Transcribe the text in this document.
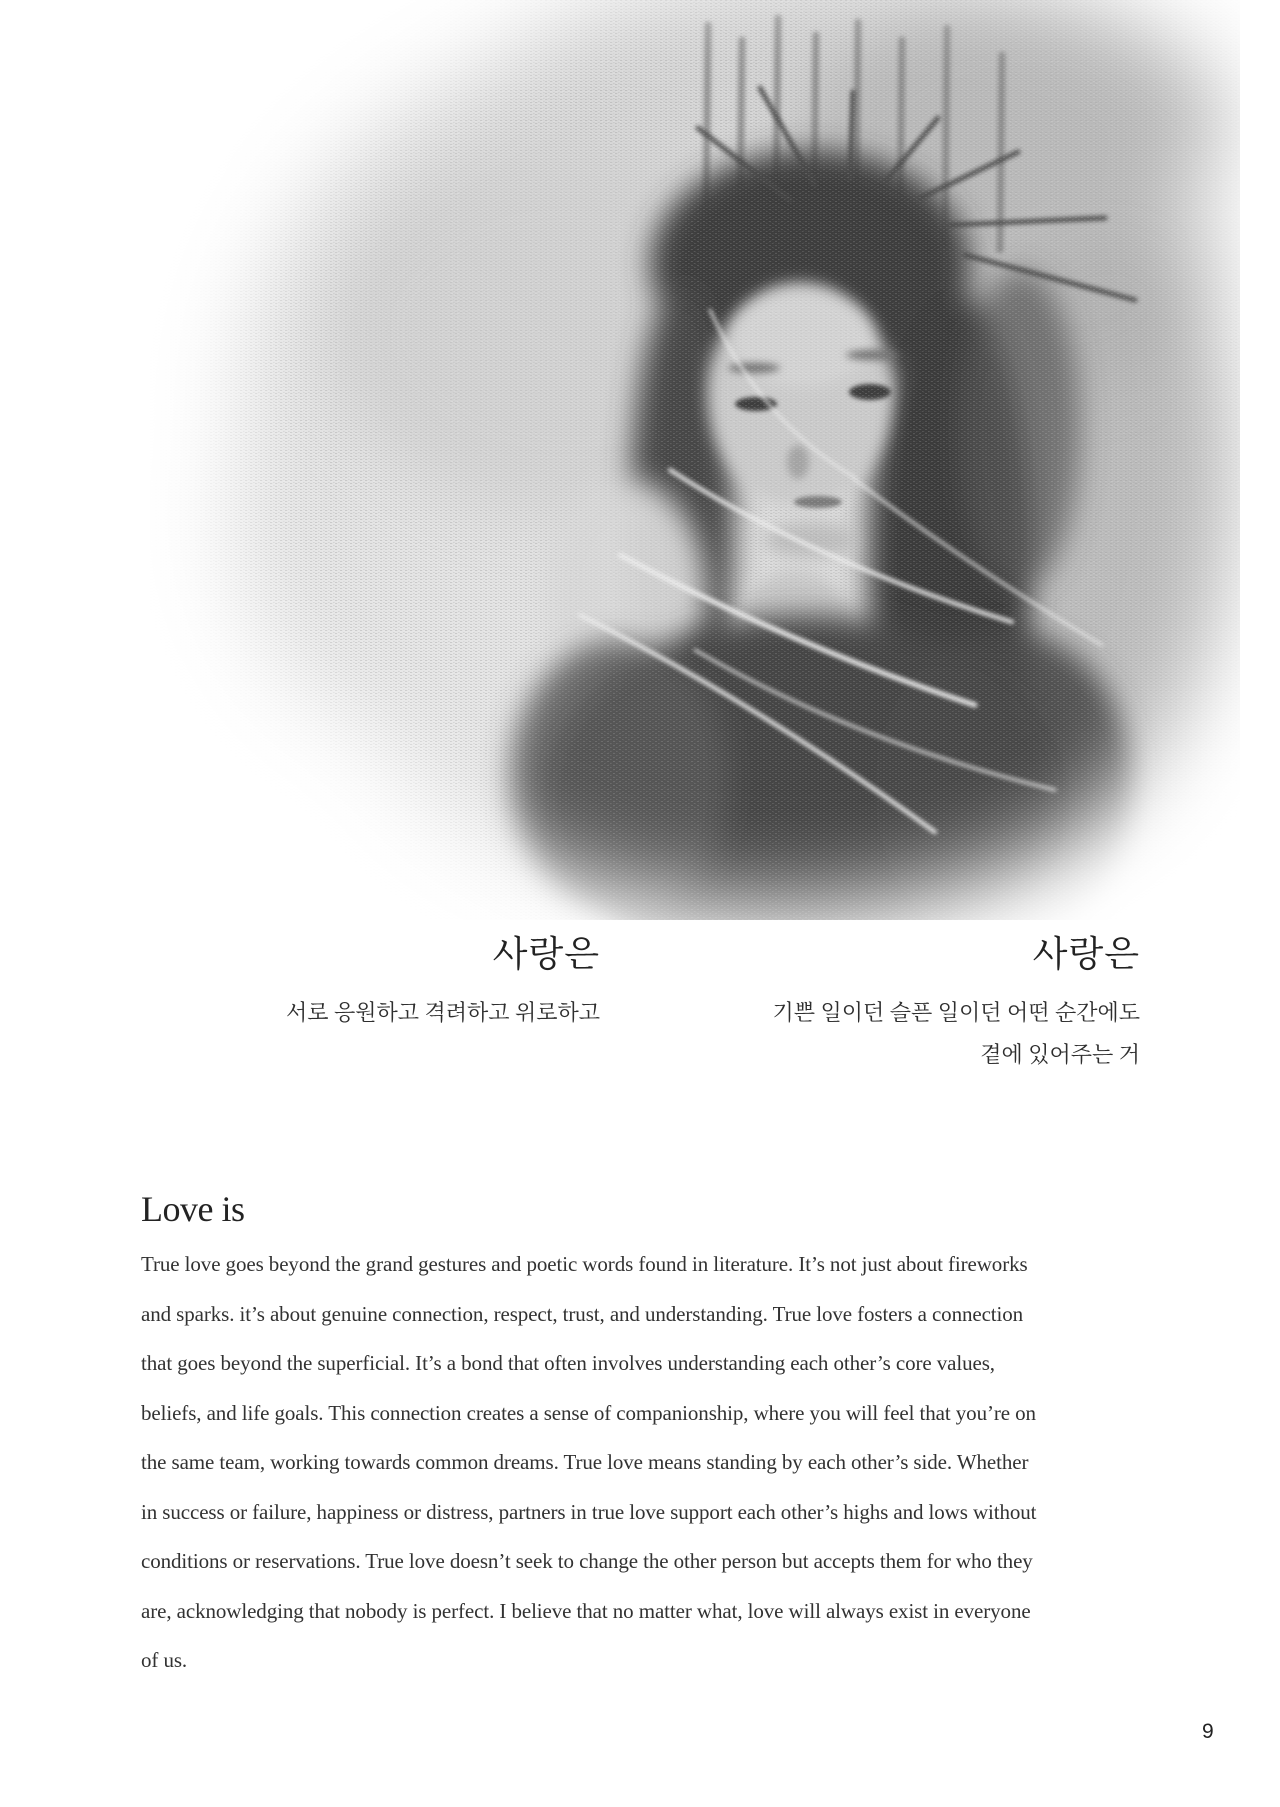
사랑은
서로 응원하고 격려하고 위로하고
사랑은
기쁜 일이던 슬픈 일이던 어떤 순간에도
곁에 있어주는 거
Love is
True love goes beyond the grand gestures and poetic words found in literature. It’s not just about fireworks
and sparks. it’s about genuine connection, respect, trust, and understanding. True love fosters a connection
that goes beyond the superficial. It’s a bond that often involves understanding each other’s core values,
beliefs, and life goals. This connection creates a sense of companionship, where you will feel that you’re on
the same team, working towards common dreams. True love means standing by each other’s side. Whether
in success or failure, happiness or distress, partners in true love support each other’s highs and lows without
conditions or reservations. True love doesn’t seek to change the other person but accepts them for who they
are, acknowledging that nobody is perfect. I believe that no matter what, love will always exist in everyone
of us.
9
